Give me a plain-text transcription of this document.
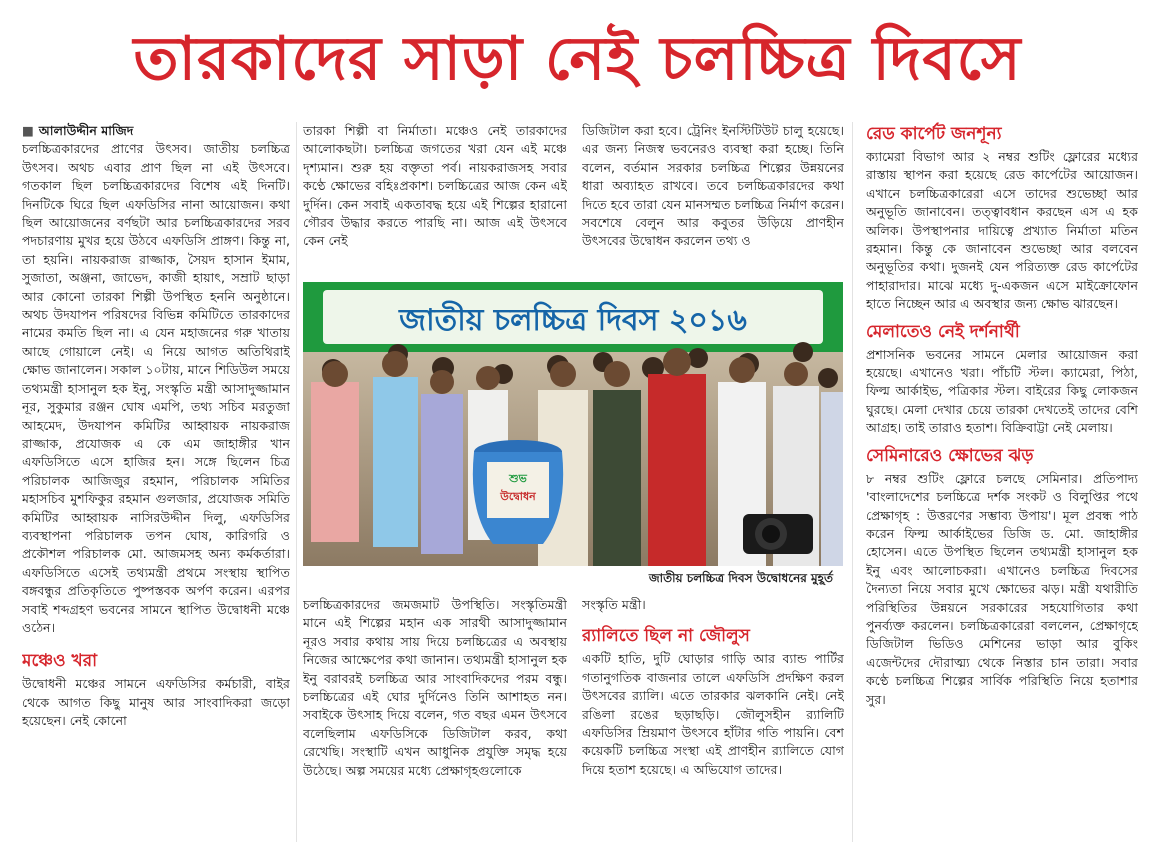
তারকাদের সাড়া নেই চলচ্চিত্র দিবসে

■ আলাউদ্দীন মাজিদ

চলচ্চিত্রকারদের প্রাণের উৎসব। জাতীয় চলচ্চিত্র উৎসব। অথচ এবার প্রাণ ছিল না এই উৎসবে। গতকাল ছিল চলচ্চিত্রকারদের বিশেষ এই দিনটি। দিনটিকে ঘিরে ছিল এফডিসির নানা আয়োজন। কথা ছিল আয়োজনের বর্ণছটা আর চলচ্চিত্রকারদের সরব পদচারণায় মুখর হয়ে উঠবে এফডিসি প্রাঙ্গণ। কিন্তু না, তা হয়নি। নায়করাজ রাজ্জাক, সৈয়দ হাসান ইমাম, সুজাতা, অঞ্জনা, জাভেদ, কাজী হায়াৎ, সম্রাট ছাড়া আর কোনো তারকা শিল্পী উপস্থিত হননি অনুষ্ঠানে। অথচ উদযাপন পরিষদের বিভিন্ন কমিটিতে তারকাদের নামের কমতি ছিল না। এ যেন মহাজনের গরু খাতায় আছে গোয়ালে নেই। এ নিয়ে আগত অতিথিরাই ক্ষোভ জানালেন। সকাল ১০টায়, মানে শিডিউল সময়ে তথ্যমন্ত্রী হাসানুল হক ইনু, সংস্কৃতি মন্ত্রী আসাদুজ্জামান নূর, সুকুমার রঞ্জন ঘোষ এমপি, তথ্য সচিব মরতুজা আহমেদ, উদযাপন কমিটির আহ্বায়ক নায়করাজ রাজ্জাক, প্রযোজক এ কে এম জাহাঙ্গীর খান এফডিসিতে এসে হাজির হন। সঙ্গে ছিলেন চিত্র পরিচালক আজিজুর রহমান, পরিচালক সমিতির মহাসচিব মুশফিকুর রহমান গুলজার, প্রযোজক সমিতি কমিটির আহ্বায়ক নাসিরউদ্দীন দিলু, এফডিসির ব্যবস্থাপনা পরিচালক তপন ঘোষ, কারিগরি ও প্রকৌশল পরিচালক মো. আজমসহ অন্য কর্মকর্তারা। এফডিসিতে এসেই তথ্যমন্ত্রী প্রথমে সংস্থায় স্থাপিত বঙ্গবন্ধুর প্রতিকৃতিতে পুষ্পস্তবক অর্পণ করেন। এরপর সবাই শব্দগ্রহণ ভবনের সামনে স্থাপিত উদ্বোধনী মঞ্চে ওঠেন।

মঞ্চেও খরা

উদ্বোধনী মঞ্চের সামনে এফডিসির কর্মচারী, বাইর থেকে আগত কিছু মানুষ আর সাংবাদিকরা জড়ো হয়েছেন। নেই কোনো

তারকা শিল্পী বা নির্মাতা। মঞ্চেও নেই তারকাদের আলোকছটা। চলচ্চিত্র জগতের খরা যেন এই মঞ্চে দৃশ্যমান। শুরু হয় বক্তৃতা পর্ব। নায়করাজসহ সবার কণ্ঠে ক্ষোভের বহিঃপ্রকাশ। চলচ্চিত্রের আজ কেন এই দুর্দিন। কেন সবাই একতাবদ্ধ হয়ে এই শিল্পের হারানো গৌরব উদ্ধার করতে পারছি না। আজ এই উৎসবে কেন নেই

চলচ্চিত্রকারদের জমজমাট উপস্থিতি। সংস্কৃতিমন্ত্রী মানে এই শিল্পের মহান এক সারথী আসাদুজ্জামান নূরও সবার কথায় সায় দিয়ে চলচ্চিত্রের এ অবস্থায় নিজের আক্ষেপের কথা জানান। তথ্যমন্ত্রী হাসানুল হক ইনু বরাবরই চলচ্চিত্র আর সাংবাদিকদের পরম বন্ধু। চলচ্চিত্রের এই ঘোর দুর্দিনেও তিনি আশাহত নন। সবাইকে উৎসাহ দিয়ে বলেন, গত বছর এমন উৎসবে বলেছিলাম এফডিসিকে ডিজিটাল করব, কথা রেখেছি। সংস্থাটি এখন আধুনিক প্রযুক্তি সমৃদ্ধ হয়ে উঠেছে। অল্প সময়ের মধ্যে প্রেক্ষাগৃহগুলোকে

ডিজিটাল করা হবে। ট্রেনিং ইনস্টিটিউট চালু হয়েছে। এর জন্য নিজস্ব ভবনেরও ব্যবস্থা করা হচ্ছে। তিনি বলেন, বর্তমান সরকার চলচ্চিত্র শিল্পের উন্নয়নের ধারা অব্যাহত রাখবে। তবে চলচ্চিত্রকারদের কথা দিতে হবে তারা যেন মানসম্মত চলচ্চিত্র নির্মাণ করেন। সবশেষে বেলুন আর কবুতর উড়িয়ে প্রাণহীন উৎসবের উদ্বোধন করলেন তথ্য ও

সংস্কৃতি মন্ত্রী।

র‍্যালিতে ছিল না জৌলুস

একটি হাতি, দুটি ঘোড়ার গাড়ি আর ব্যান্ড পার্টির গতানুগতিক বাজনার তালে এফডিসি প্রদক্ষিণ করল উৎসবের র‍্যালি। এতে তারকার ঝলকানি নেই। নেই রঙিলা রঙের ছড়াছড়ি। জৌলুসহীন র‍্যালিটি এফডিসির ম্রিয়মাণ উৎসবে হাঁটার গতি পায়নি। বেশ কয়েকটি চলচ্চিত্র সংস্থা এই প্রাণহীন র‍্যালিতে যোগ দিয়ে হতাশ হয়েছে। এ অভিযোগ তাদের।

রেড কার্পেট জনশূন্য

ক্যামেরা বিভাগ আর ২ নম্বর শুটিং ফ্লোরের মধ্যের রাস্তায় স্থাপন করা হয়েছে রেড কার্পেটের আয়োজন। এখানে চলচ্চিত্রকারেরা এসে তাদের শুভেচ্ছা আর অনুভূতি জানাবেন। তত্ত্বাবধান করছেন এস এ হক অলিক। উপস্থাপনার দায়িত্বে প্রখ্যাত নির্মাতা মতিন রহমান। কিন্তু কে জানাবেন শুভেচ্ছা আর বলবেন অনুভূতির কথা। দুজনই যেন পরিত্যক্ত রেড কার্পেটের পাহারাদার। মাঝে মধ্যে দু-একজন এসে মাইক্রোফোন হাতে নিচ্ছেন আর এ অবস্থার জন্য ক্ষোভ ঝারছেন।

মেলাতেও নেই দর্শনার্থী

প্রশাসনিক ভবনের সামনে মেলার আয়োজন করা হয়েছে। এখানেও খরা। পাঁচটি স্টল। ক্যামেরা, পিঠা, ফিল্ম আর্কাইভ, পত্রিকার স্টল। বাইরের কিছু লোকজন ঘুরছে। মেলা দেখার চেয়ে তারকা দেখতেই তাদের বেশি আগ্রহ। তাই তারাও হতাশ। বিক্রিবাট্টা নেই মেলায়।

সেমিনারেও ক্ষোভের ঝড়

৮ নম্বর শুটিং ফ্লোরে চলছে সেমিনার। প্রতিপাদ্য 'বাংলাদেশের চলচ্চিত্রে দর্শক সংকট ও বিলুপ্তির পথে প্রেক্ষাগৃহ : উত্তরণের সম্ভাব্য উপায়'। মূল প্রবন্ধ পাঠ করেন ফিল্ম আর্কাইভের ডিজি ড. মো. জাহাঙ্গীর হোসেন। এতে উপস্থিত ছিলেন তথ্যমন্ত্রী হাসানুল হক ইনু এবং আলোচকরা। এখানেও চলচ্চিত্র দিবসের দৈন্যতা নিয়ে সবার মুখে ক্ষোভের ঝড়। মন্ত্রী যথারীতি পরিস্থিতির উন্নয়নে সরকারের সহযোগিতার কথা পুনর্ব্যক্ত করলেন। চলচ্চিত্রকারেরা বললেন, প্রেক্ষাগৃহে ডিজিটাল ভিডিও মেশিনের ভাড়া আর বুকিং এজেন্টদের দৌরাত্ম্য থেকে নিস্তার চান তারা। সবার কণ্ঠে চলচ্চিত্র শিল্পের সার্বিক পরিস্থিতি নিয়ে হতাশার সুর।

জাতীয় চলচ্চিত্র দিবস ২০১৬
শুভ
উদ্বোধন
জাতীয় চলচ্চিত্র দিবস উদ্বোধনের মুহূর্ত
